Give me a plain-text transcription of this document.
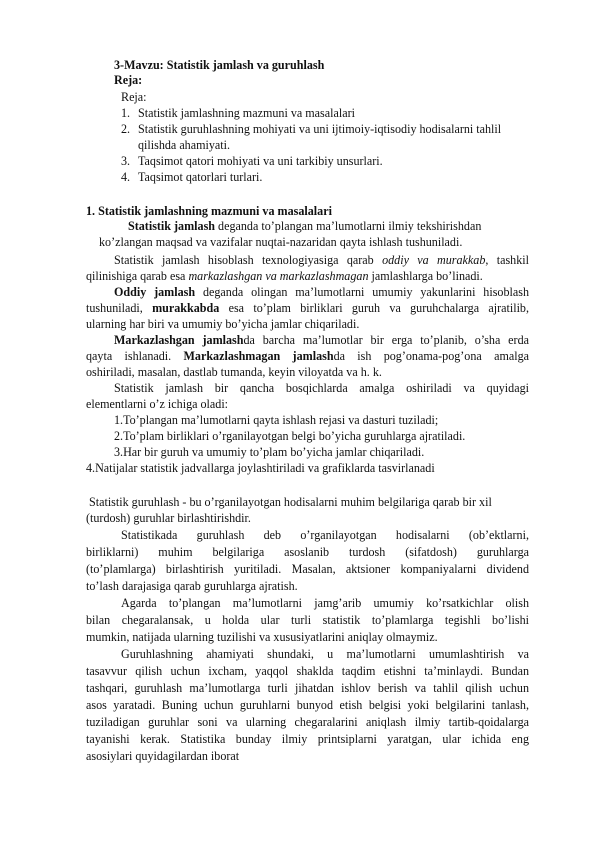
3-Mavzu: Statistik jamlash va guruhlash
Reja:
Reja:
1. Statistik jamlashning mazmuni va masalalari
2. Statistik guruhlashning mohiyati va uni ijtimoiy-iqtisodiy hodisalarni tahlil
qilishda ahamiyati.
3. Taqsimot qatori mohiyati va uni tarkibiy unsurlari.
4. Taqsimot qatorlari turlari.
1. Statistik jamlashning mazmuni va masalalari
Statistik jamlash deganda to’plangan ma’lumotlarni ilmiy tekshirishdan
ko’zlangan maqsad va vazifalar nuqtai-nazaridan qayta ishlash tushuniladi.
Statistik jamlash hisoblash texnologiyasiga qarab oddiy va murakkab, tashkil
qilinishiga qarab esa markazlashgan va markazlashmagan jamlashlarga bo’linadi.
Oddiy jamlash deganda olingan ma’lumotlarni umumiy yakunlarini hisoblash
tushuniladi, murakkabda esa to’plam birliklari guruh va guruhchalarga ajratilib,
ularning har biri va umumiy bo’yicha jamlar chiqariladi.
Markazlashgan jamlashda barcha ma’lumotlar bir erga to’planib, o’sha erda
qayta ishlanadi. Markazlashmagan jamlashda ish pog’onama-pog’ona amalga
oshiriladi, masalan, dastlab tumanda, keyin viloyatda va h. k.
Statistik jamlash bir qancha bosqichlarda amalga oshiriladi va quyidagi
elementlarni o’z ichiga oladi:
1.To’plangan ma’lumotlarni qayta ishlash rejasi va dasturi tuziladi;
2.To’plam birliklari o’rganilayotgan belgi bo’yicha guruhlarga ajratiladi.
3.Har bir guruh va umumiy to’plam bo’yicha jamlar chiqariladi.
4.Natijalar statistik jadvallarga joylashtiriladi va grafiklarda tasvirlanadi
Statistik guruhlash - bu o’rganilayotgan hodisalarni muhim belgilariga qarab bir xil
(turdosh) guruhlar birlashtirishdir.
Statistikada guruhlash deb o’rganilayotgan hodisalarni (ob’ektlarni,
birliklarni) muhim belgilariga asoslanib turdosh (sifatdosh) guruhlarga
(to’plamlarga) birlashtirish yuritiladi. Masalan, aktsioner kompaniyalarni dividend
to’lash darajasiga qarab guruhlarga ajratish.
Agarda to’plangan ma’lumotlarni jamg’arib umumiy ko’rsatkichlar olish
bilan chegaralansak, u holda ular turli statistik to’plamlarga tegishli bo’lishi
mumkin, natijada ularning tuzilishi va xususiyatlarini aniqlay olmaymiz.
Guruhlashning ahamiyati shundaki, u ma’lumotlarni umumlashtirish va
tasavvur qilish uchun ixcham, yaqqol shaklda taqdim etishni ta’minlaydi. Bundan
tashqari, guruhlash ma’lumotlarga turli jihatdan ishlov berish va tahlil qilish uchun
asos yaratadi. Buning uchun guruhlarni bunyod etish belgisi yoki belgilarini tanlash,
tuziladigan guruhlar soni va ularning chegaralarini aniqlash ilmiy tartib-qoidalarga
tayanishi kerak. Statistika bunday ilmiy printsiplarni yaratgan, ular ichida eng
asosiylari quyidagilardan iborat
